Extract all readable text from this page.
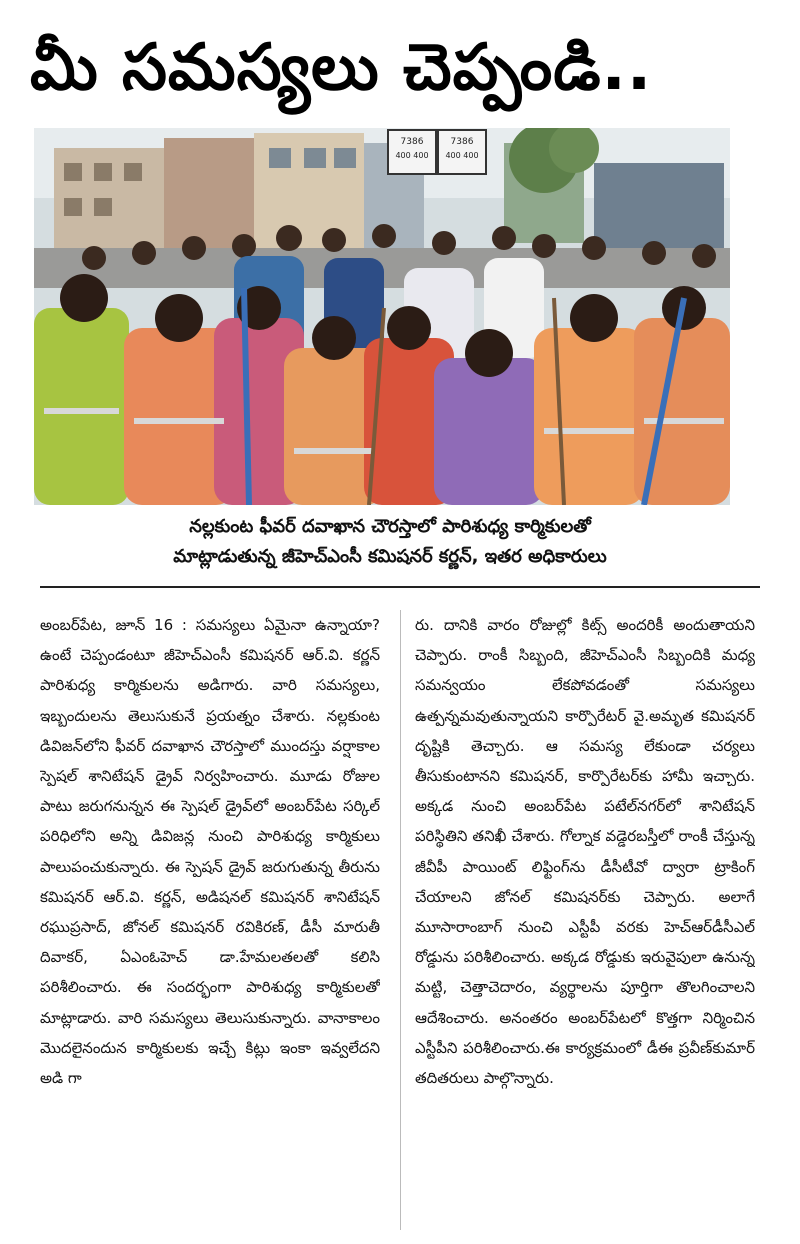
మీ సమస్యలు చెప్పండి..
7386
400 400
7386
400 400
నల్లకుంట ఫీవర్ దవాఖాన చౌరస్తాలో పారిశుధ్య కార్మికులతో
మాట్లాడుతున్న జీహెచ్ఎంసీ కమిషనర్ కర్ణన్, ఇతర అధికారులు

అంబర్‌పేట, జూన్ 16 : సమస్యలు ఏమైనా ఉన్నాయా? ఉంటే చెప్పండంటూ జీహెచ్ఎంసీ కమిషనర్ ఆర్.వి. కర్ణన్ పారిశుధ్య కార్మికులను అడిగారు. వారి సమస్యలు, ఇబ్బందులను తెలుసుకునే ప్రయత్నం చేశారు. నల్లకుంట డివిజన్‌లోని ఫీవర్ దవాఖాన చౌరస్తాలో ముందస్తు వర్షాకాల స్పెషల్ శానిటేషన్ డ్రైవ్ నిర్వహించారు. మూడు రోజుల పాటు జరుగనున్నన ఈ స్పెషల్ డ్రైవ్‌లో అంబర్‌పేట సర్కిల్ పరిధిలోని అన్ని డివిజన్ల నుంచి పారిశుధ్య కార్మికులు పాలుపంచుకున్నారు. ఈ స్పెషన్ డ్రైవ్ జరుగుతున్న తీరును కమిషనర్ ఆర్.వి. కర్ణన్, అడిషనల్ కమిషనర్ శానిటేషన్ రఘుప్రసాద్, జోనల్ కమిషనర్ రవికిరణ్, డీసీ మారుతీ దివాకర్, ఏఎంఓహెచ్ డా.హేమలతలతో కలిసి పరిశీలించారు. ఈ సందర్భంగా పారిశుధ్య కార్మికులతో మాట్లాడారు. వారి సమస్యలు తెలుసుకున్నారు. వానాకాలం మొదలైనందున కార్మికులకు ఇచ్చే కిట్లు ఇంకా ఇవ్వలేదని అడి గా

రు. దానికి వారం రోజుల్లో కిట్స్ అందరికీ అందుతాయని చెప్పారు. రాంకీ సిబ్బంది, జీహెచ్ఎంసీ సిబ్బందికి మధ్య సమన్వయం లేకపోవడంతో సమస్యలు ఉత్పన్నమవుతున్నాయని కార్పొరేటర్ వై.అమృత కమిషనర్ దృష్టికి తెచ్చారు. ఆ సమస్య లేకుండా చర్యలు తీసుకుంటానని కమిషనర్, కార్పొరేటర్‌కు హామీ ఇచ్చారు. అక్కడ నుంచి అంబర్‌పేట పటేల్‌నగర్‌లో శానిటేషన్ పరిస్థితిని తనిఖీ చేశారు. గోల్నాక వడ్డెరబస్తీలో రాంకీ చేస్తున్న జీవీపీ పాయింట్ లిఫ్టింగ్‌ను డీసీటీవో ద్వారా ట్రాకింగ్ చేయాలని జోనల్ కమిషనర్‌కు చెప్పారు. అలాగే మూసారాంబాగ్ నుంచి ఎస్టీపీ వరకు హెచ్ఆర్‌డీసీఎల్ రోడ్డును పరిశీలించారు. అక్కడ రోడ్డుకు ఇరువైపులా ఉనున్న మట్టి, చెత్తాచెదారం, వ్యర్థాలను పూర్తిగా తొలగించాలని ఆదేశించారు. అనంతరం అంబర్‌పేటలో కొత్తగా నిర్మించిన ఎస్టీపీని పరిశీలించారు.ఈ కార్యక్రమంలో డీఈ ప్రవీణ్‌కుమార్ తదితరులు పాల్గొన్నారు.
